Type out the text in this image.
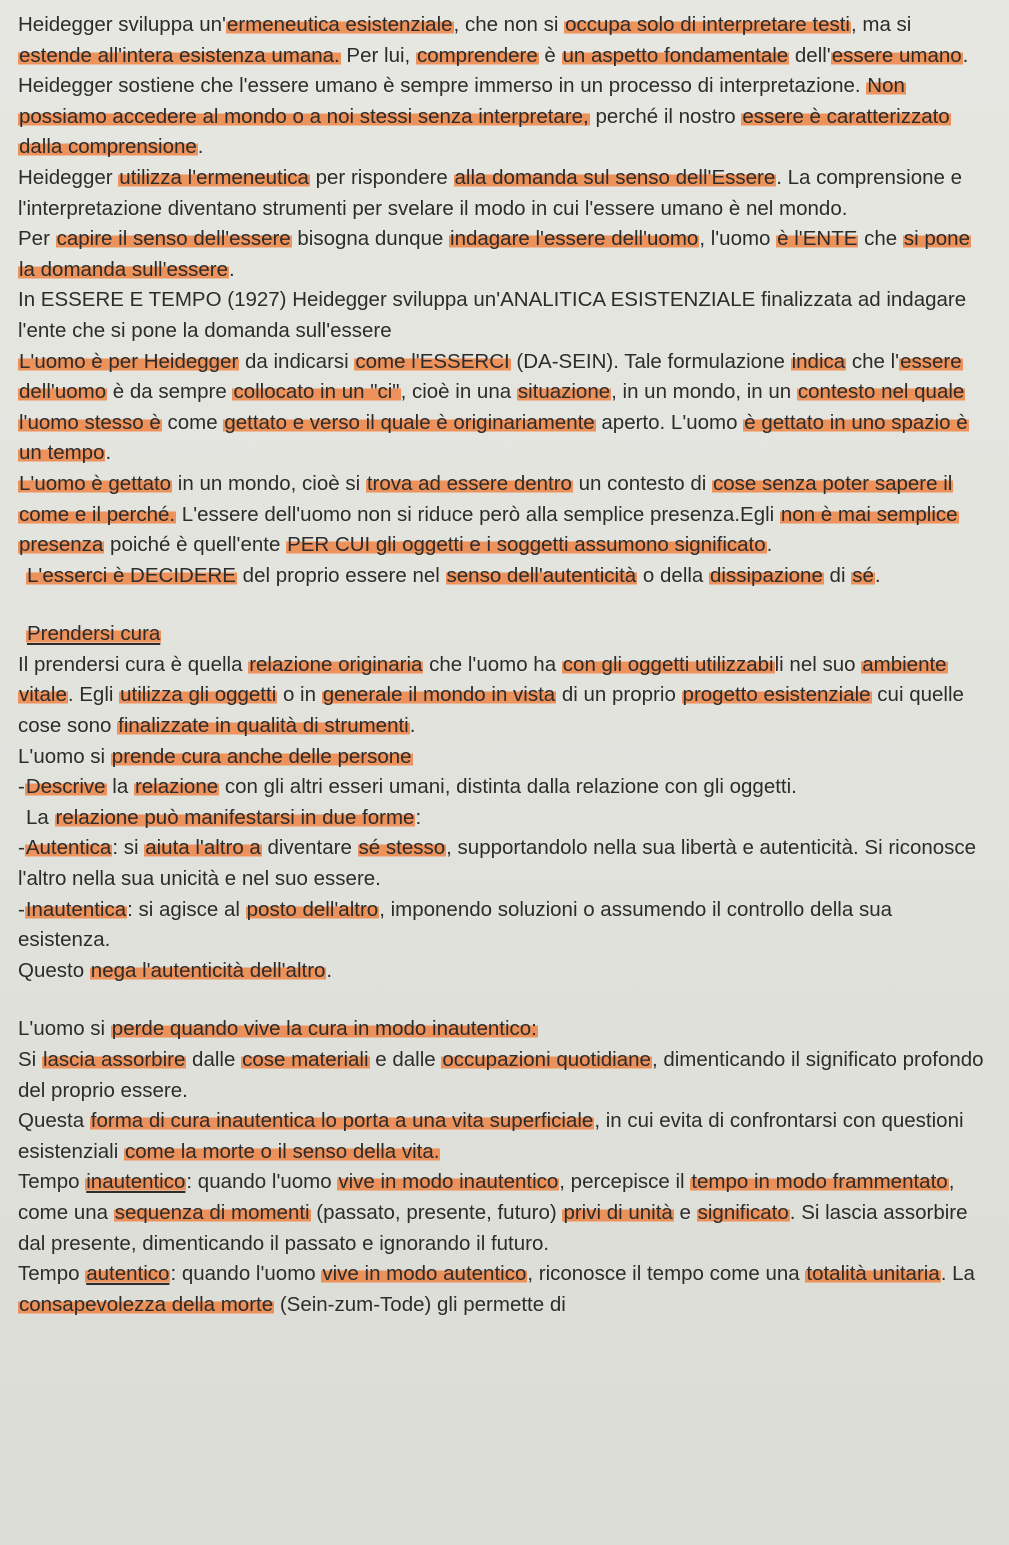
Heidegger sviluppa un'ermeneutica esistenziale, che non si occupa solo di interpretare testi, ma si estende all'intera esistenza umana. Per lui, comprendere è un aspetto fondamentale dell'essere umano.

Heidegger sostiene che l'essere umano è sempre immerso in un processo di interpretazione. Non possiamo accedere al mondo o a noi stessi senza interpretare, perché il nostro essere è caratterizzato dalla comprensione.

Heidegger utilizza l'ermeneutica per rispondere alla domanda sul senso dell'Essere. La comprensione e l'interpretazione diventano strumenti per svelare il modo in cui l'essere umano è nel mondo.

Per capire il senso dell'essere bisogna dunque indagare l'essere dell'uomo, l'uomo è l'ENTE che si pone la domanda sull'essere.

In ESSERE E TEMPO (1927) Heidegger sviluppa un'ANALITICA ESISTENZIALE finalizzata ad indagare l'ente che si pone la domanda sull'essere

L'uomo è per Heidegger da indicarsi come l'ESSERCI (DA-SEIN). Tale formulazione indica che l'essere dell'uomo è da sempre collocato in un "ci", cioè in una situazione, in un mondo, in un contesto nel quale l'uomo stesso è come gettato e verso il quale è originariamente aperto. L'uomo è gettato in uno spazio è un tempo.

L'uomo è gettato in un mondo, cioè si trova ad essere dentro un contesto di cose senza poter sapere il come e il perché. L'essere dell'uomo non si riduce però alla semplice presenza.Egli non è mai semplice presenza poiché è quell'ente PER CUI gli oggetti e i soggetti assumono significato.

L'esserci è DECIDERE del proprio essere nel senso dell'autenticità o della dissipazione di sé.

Prendersi cura

Il prendersi cura è quella relazione originaria che l'uomo ha con gli oggetti utilizzabili nel suo ambiente vitale. Egli utilizza gli oggetti o in generale il mondo in vista di un proprio progetto esistenziale cui quelle cose sono finalizzate in qualità di strumenti.

L'uomo si prende cura anche delle persone

-Descrive la relazione con gli altri esseri umani, distinta dalla relazione con gli oggetti.

La relazione può manifestarsi in due forme:

-Autentica: si aiuta l'altro a diventare sé stesso, supportandolo nella sua libertà e autenticità. Si riconosce l'altro nella sua unicità e nel suo essere.

-Inautentica: si agisce al posto dell'altro, imponendo soluzioni o assumendo il controllo della sua esistenza.

Questo nega l'autenticità dell'altro.

L'uomo si perde quando vive la cura in modo inautentico:

Si lascia assorbire dalle cose materiali e dalle occupazioni quotidiane, dimenticando il significato profondo del proprio essere.

Questa forma di cura inautentica lo porta a una vita superficiale, in cui evita di confrontarsi con questioni esistenziali come la morte o il senso della vita.

Tempo inautentico: quando l'uomo vive in modo inautentico, percepisce il tempo in modo frammentato, come una sequenza di momenti (passato, presente, futuro) privi di unità e significato. Si lascia assorbire dal presente, dimenticando il passato e ignorando il futuro.

Tempo autentico: quando l'uomo vive in modo autentico, riconosce il tempo come una totalità unitaria. La consapevolezza della morte (Sein-zum-Tode) gli permette di
